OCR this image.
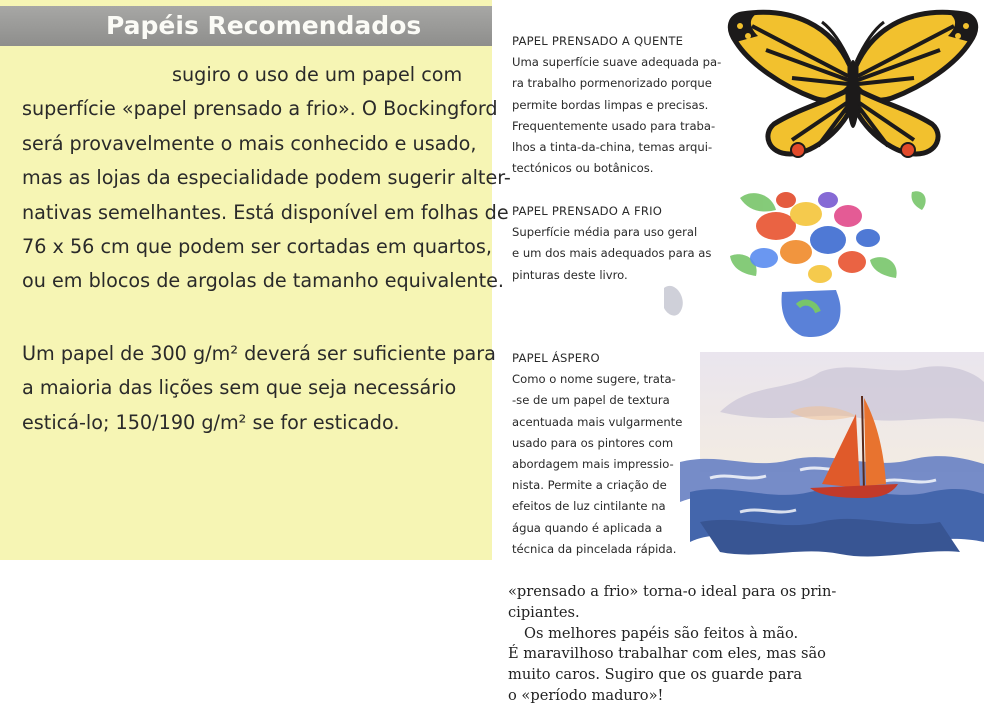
Papéis Recomendados
sugiro o uso de um papel com
superfície «papel prensado a frio». O Bockingford
será provavelmente o mais conhecido e usado,
mas as lojas da especialidade podem sugerir alter-
nativas semelhantes. Está disponível em folhas de
76 x 56 cm que podem ser cortadas em quartos,
ou em blocos de argolas de tamanho equivalente.
Um papel de 300 g/m² deverá ser suficiente para
a maioria das lições sem que seja necessário
esticá-lo; 150/190 g/m² se for esticado.
PAPEL PRENSADO A QUENTE
Uma superfície suave adequada pa-
ra trabalho pormenorizado porque
permite bordas limpas e precisas.
Frequentemente usado para traba-
lhos a tinta-da-china, temas arqui-
tectónicos ou botânicos.
PAPEL PRENSADO A FRIO
Superfície média para uso geral
e um dos mais adequados para as
pinturas deste livro.
PAPEL ÁSPERO
Como o nome sugere, trata-
-se de um papel de textura
acentuada mais vulgarmente
usado para os pintores com
abordagem mais impressio-
nista. Permite a criação de
efeitos de luz cintilante na
água quando é aplicada a
técnica da pincelada rápida.
«prensado a frio» torna-o ideal para os prin-
cipiantes.
Os melhores papéis são feitos à mão.
É maravilhoso trabalhar com eles, mas são
muito caros. Sugiro que os guarde para
o «período maduro»!
